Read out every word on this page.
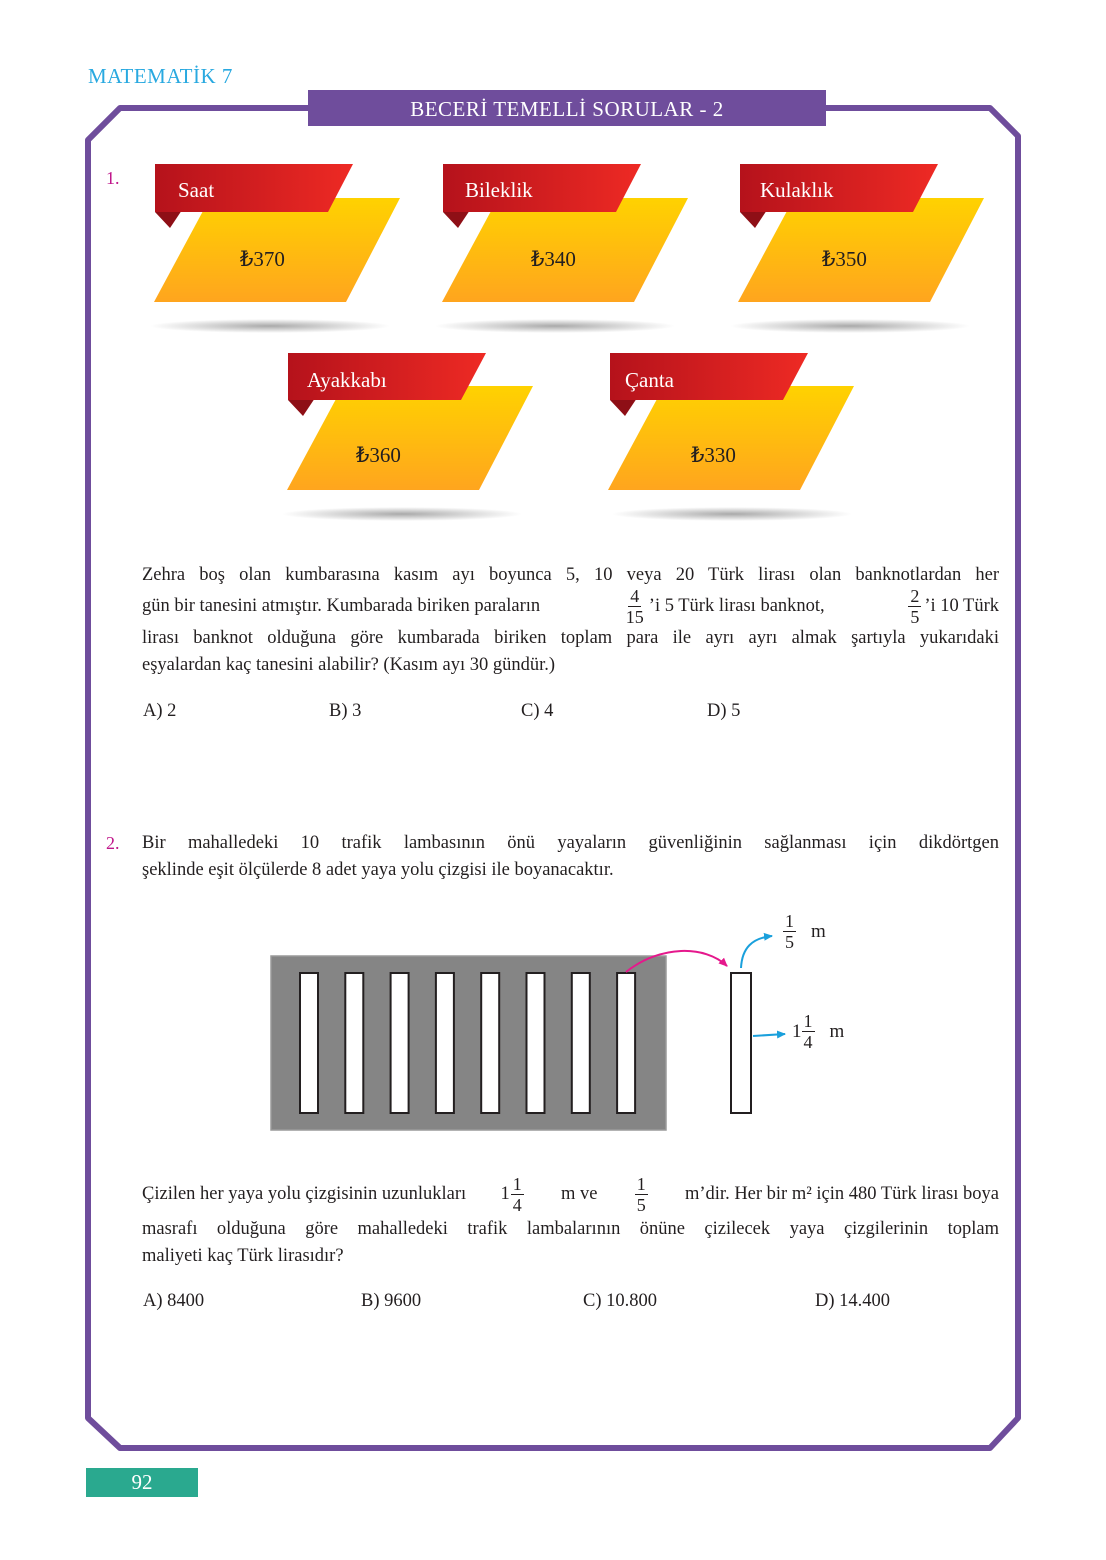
MATEMATİK 7
BECERİ TEMELLİ SORULAR - 2
1.	Saat
₺370
Bileklik
₺340
Kulaklık
₺350
Ayakkabı
₺360
Çanta
₺330
Zehra boş olan kumbarasına kasım ayı boyunca 5, 10 veya 20 Türk lirası olan banknotlardan her
gün bir tanesini atmıştır. Kumbarada biriken paraların	$\frac{4}{15}$ ’i 5 Türk lirası banknot,	$\frac{2}{5}$ ’i 10 Türk
lirası banknot olduğuna göre kumbarada biriken toplam para ile ayrı ayrı almak şartıyla yukarıdaki
eşyalardan kaç tanesini alabilir? (Kasım ayı 30 gündür.)
A) 2	B) 3	C) 4	D) 5
2. Bir mahalledeki 10 trafik lambasının önü yayaların güvenliğinin sağlanması için dikdörtgen
şeklinde eşit ölçülerde 8 adet yaya yolu çizgisi ile boyanacaktır.
$\frac{1}{5}$ m
$1 \frac{1}{4}$ m
Çizilen her yaya yolu çizgisinin uzunlukları $1 \frac{1}{4}$ m ve $\frac{1}{5}$ m’dir. Her bir m² için 480 Türk lirası boya
masrafı olduğuna göre mahalledeki trafik lambalarının önüne çizilecek yaya çizgilerinin toplam
maliyeti kaç Türk lirasıdır?
A) 8400	B) 9600	C) 10.800	D) 14.400
92
